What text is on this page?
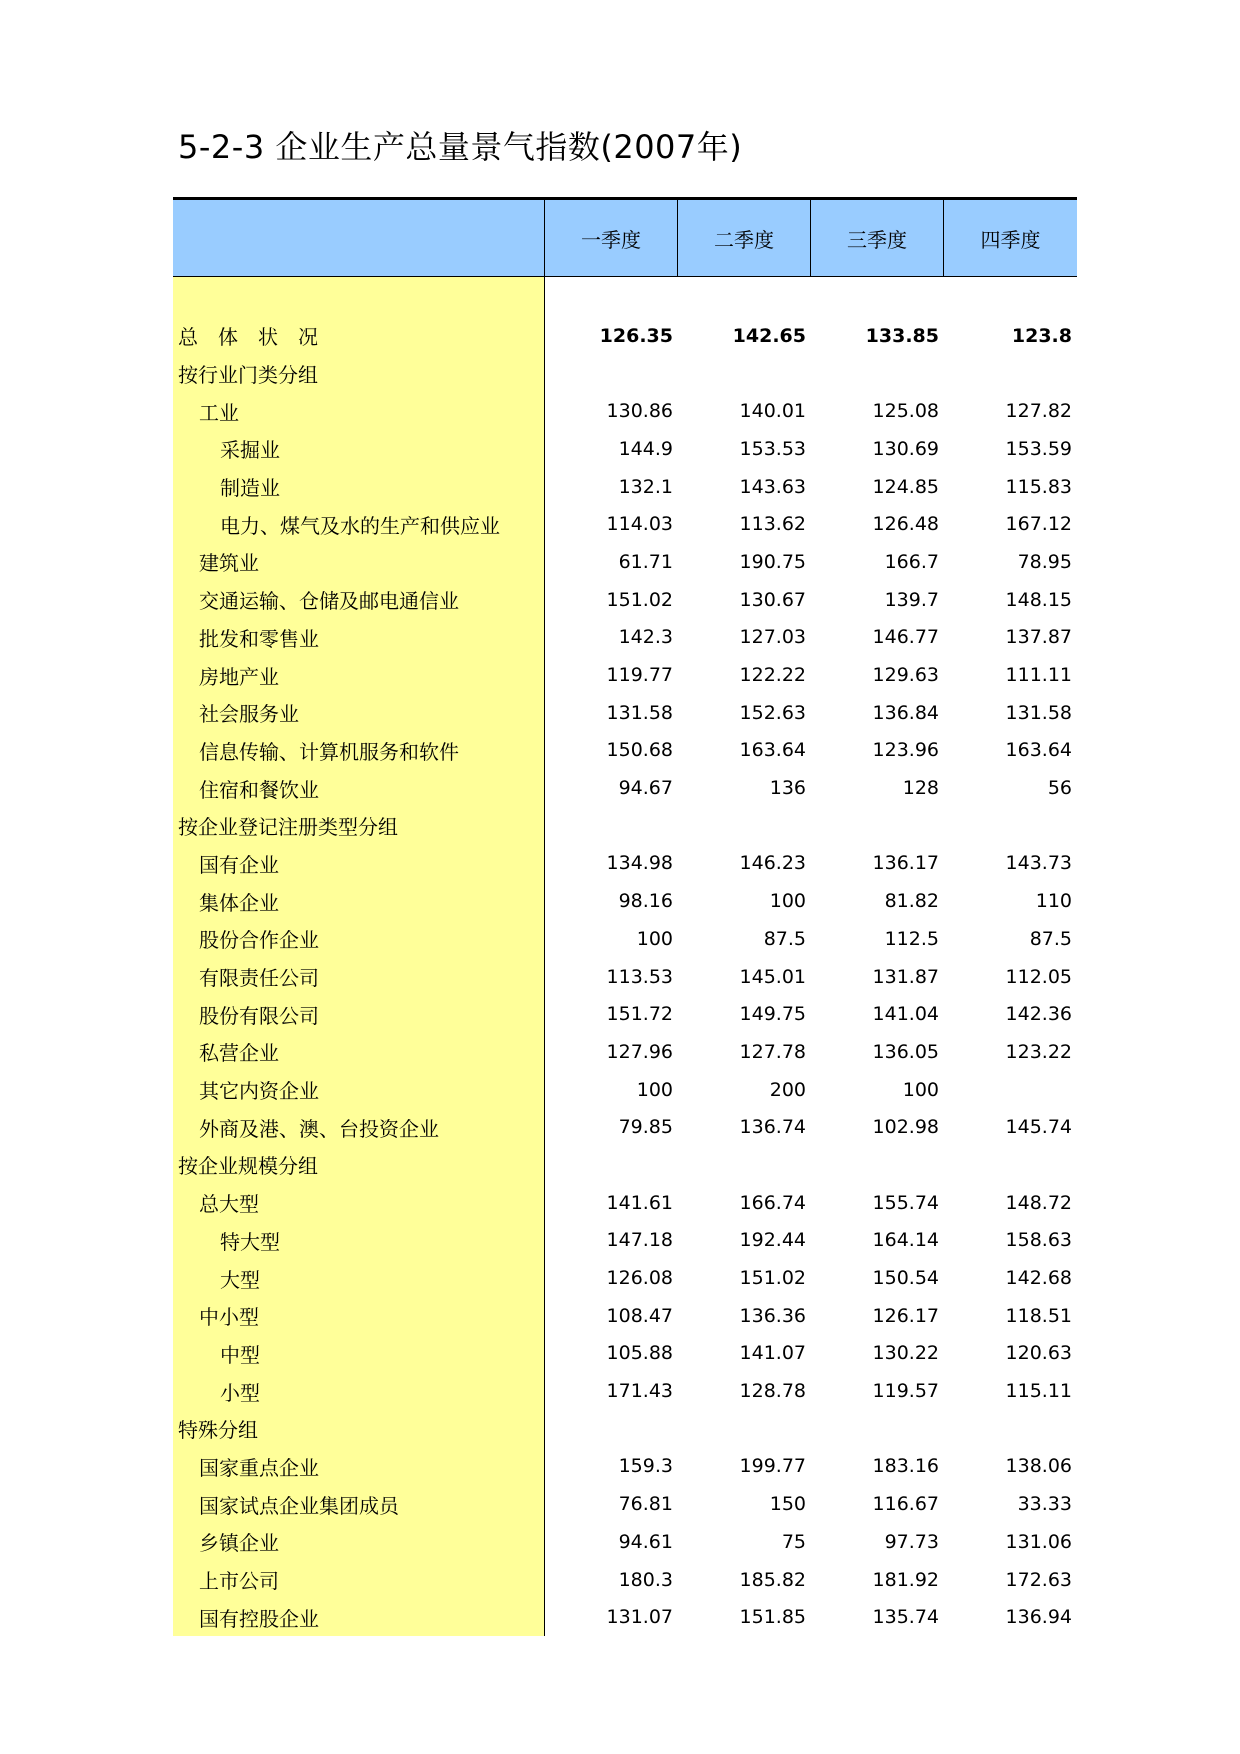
5-2-3 企业生产总量景气指数(2007年)
一季度	二季度	三季度	四季度
总　体　状　况	126.35	142.65	133.85	123.8
按行业门类分组
工业	130.86	140.01	125.08	127.82
采掘业	144.9	153.53	130.69	153.59
制造业	132.1	143.63	124.85	115.83
电力、煤气及水的生产和供应业	114.03	113.62	126.48	167.12
建筑业	61.71	190.75	166.7	78.95
交通运输、仓储及邮电通信业	151.02	130.67	139.7	148.15
批发和零售业	142.3	127.03	146.77	137.87
房地产业	119.77	122.22	129.63	111.11
社会服务业	131.58	152.63	136.84	131.58
信息传输、计算机服务和软件	150.68	163.64	123.96	163.64
住宿和餐饮业	94.67	136	128	56
按企业登记注册类型分组
国有企业	134.98	146.23	136.17	143.73
集体企业	98.16	100	81.82	110
股份合作企业	100	87.5	112.5	87.5
有限责任公司	113.53	145.01	131.87	112.05
股份有限公司	151.72	149.75	141.04	142.36
私营企业	127.96	127.78	136.05	123.22
其它内资企业	100	200	100
外商及港、澳、台投资企业	79.85	136.74	102.98	145.74
按企业规模分组
总大型	141.61	166.74	155.74	148.72
特大型	147.18	192.44	164.14	158.63
大型	126.08	151.02	150.54	142.68
中小型	108.47	136.36	126.17	118.51
中型	105.88	141.07	130.22	120.63
小型	171.43	128.78	119.57	115.11
特殊分组
国家重点企业	159.3	199.77	183.16	138.06
国家试点企业集团成员	76.81	150	116.67	33.33
乡镇企业	94.61	75	97.73	131.06
上市公司	180.3	185.82	181.92	172.63
国有控股企业	131.07	151.85	135.74	136.94
